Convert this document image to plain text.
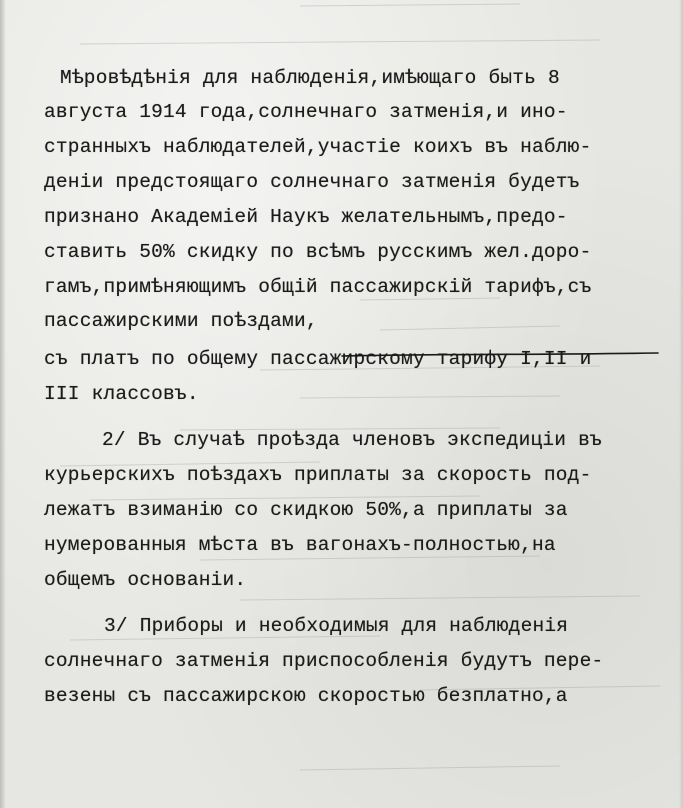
Мѣровѣдѣнія для наблюденія,имѣющаго быть 8
августа 1914 года,солнечнаго затменія,и ино-
странныхъ наблюдателей,участіе коихъ въ наблю-
деніи предстоящаго солнечнаго затменія будетъ
признано Академіей Наукъ желательнымъ,предо-
ставить 50% скидку по всѣмъ русскимъ жел.доро-
гамъ,примѣняющимъ общій пассажирскій тарифъ,съ
пассажирскими поѣздами,
съ платъ по общему пассажирскому тарифу I,II и
III классовъ.
2/ Въ случаѣ проѣзда членовъ экспедиціи въ
курьерскихъ поѣздахъ приплаты за скорость под-
лежатъ взиманію со скидкою 50%,а приплаты за
нумерованныя мѣста въ вагонахъ-полностью,на
общемъ основаніи.
3/ Приборы и необходимыя для наблюденія
солнечнаго затменія приспособленія будутъ пере-
везены съ пассажирскою скоростью безплатно,а
